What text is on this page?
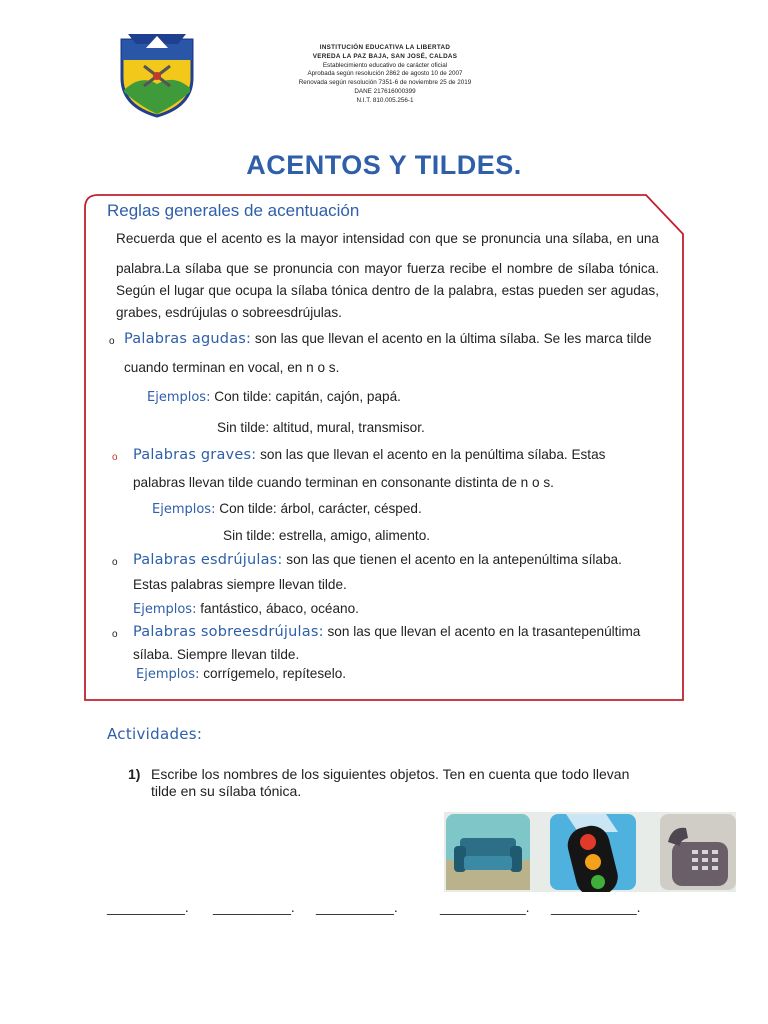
INSTITUCIÓN EDUCATIVA LA LIBERTAD
VEREDA LA PAZ BAJA, SAN JOSÉ, CALDAS
Establecimiento educativo de carácter oficial
Aprobada según resolución 2862 de agosto 10 de 2007
Renovada según resolución 7351-6 de noviembre 25 de 2019
DANE 217616000399
N.I.T. 810.005.256-1
ACENTOS Y TILDES.
Reglas generales de acentuación
Recuerda que el acento es la mayor intensidad con que se pronuncia una sílaba, en una
palabra.La sílaba que se pronuncia con mayor fuerza recibe el nombre de sílaba tónica.
Según el lugar que ocupa la sílaba tónica dentro de la palabra, estas pueden ser agudas,
grabes, esdrújulas o sobreesdrújulas.
o Palabras agudas: son las que llevan el acento en la última sílaba. Se les marca tilde
cuando terminan en vocal, en n o s.
Ejemplos: Con tilde: capitán, cajón, papá.
Sin tilde: altitud, mural, transmisor.
o Palabras graves: son las que llevan el acento en la penúltima sílaba. Estas
palabras llevan tilde cuando terminan en consonante distinta de n o s.
Ejemplos: Con tilde: árbol, carácter, césped.
Sin tilde: estrella, amigo, alimento.
o Palabras esdrújulas: son las que tienen el acento en la antepenúltima sílaba.
Estas palabras siempre llevan tilde.
Ejemplos: fantástico, ábaco, océano.
o Palabras sobreesdrújulas: son las que llevan el acento en la trasantepenúltima
sílaba. Siempre llevan tilde.
Ejemplos: corrígemelo, repíteselo.
Actividades:
1) Escribe los nombres de los siguientes objetos. Ten en cuenta que todo llevan tilde en su sílaba tónica.
__________. __________. __________.	___________. ___________.
